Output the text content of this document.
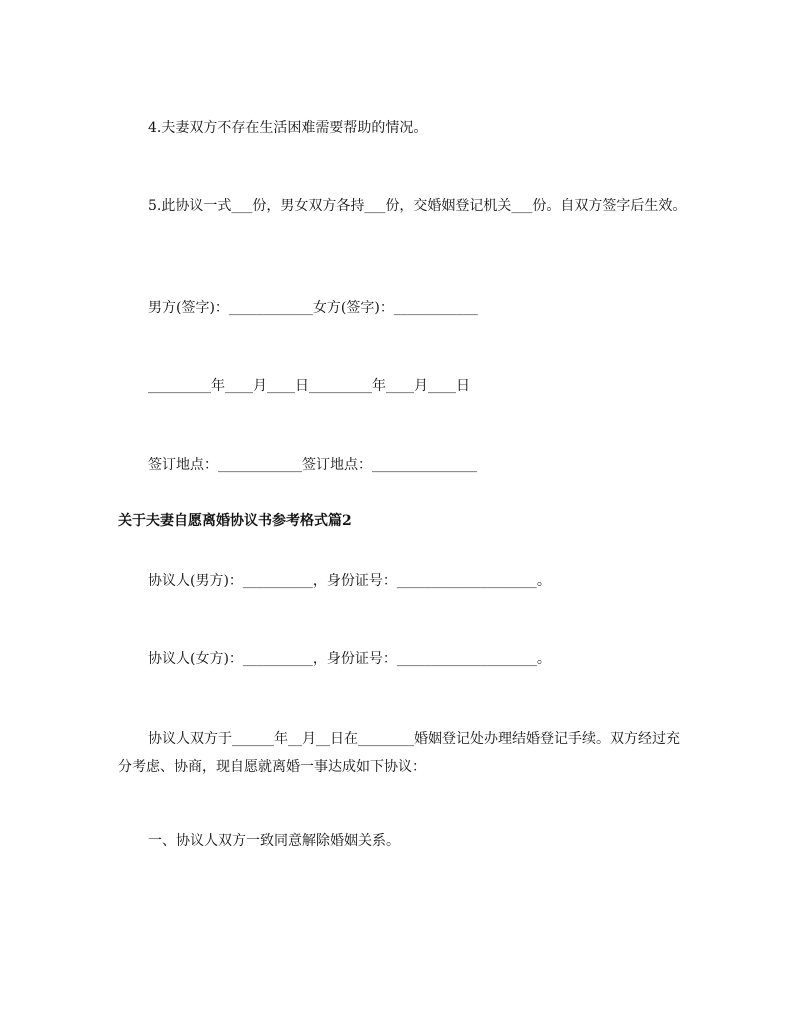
4.夫妻双方不存在生活困难需要帮助的情况。

5.此协议一式___份，男女双方各持___份，交婚姻登记机关___份。自双方签字后生效。

男方(签字)：____________女方(签字)：____________

_________年____月____日_________年____月____日

签订地点：____________签订地点：_______________

关于夫妻自愿离婚协议书参考格式篇2

协议人(男方)：__________，身份证号：____________________。

协议人(女方)：__________，身份证号：____________________。

协议人双方于______年__月__日在________婚姻登记处办理结婚登记手续。双方经过充分考虑、协商，现自愿就离婚一事达成如下协议：

一、协议人双方一致同意解除婚姻关系。
